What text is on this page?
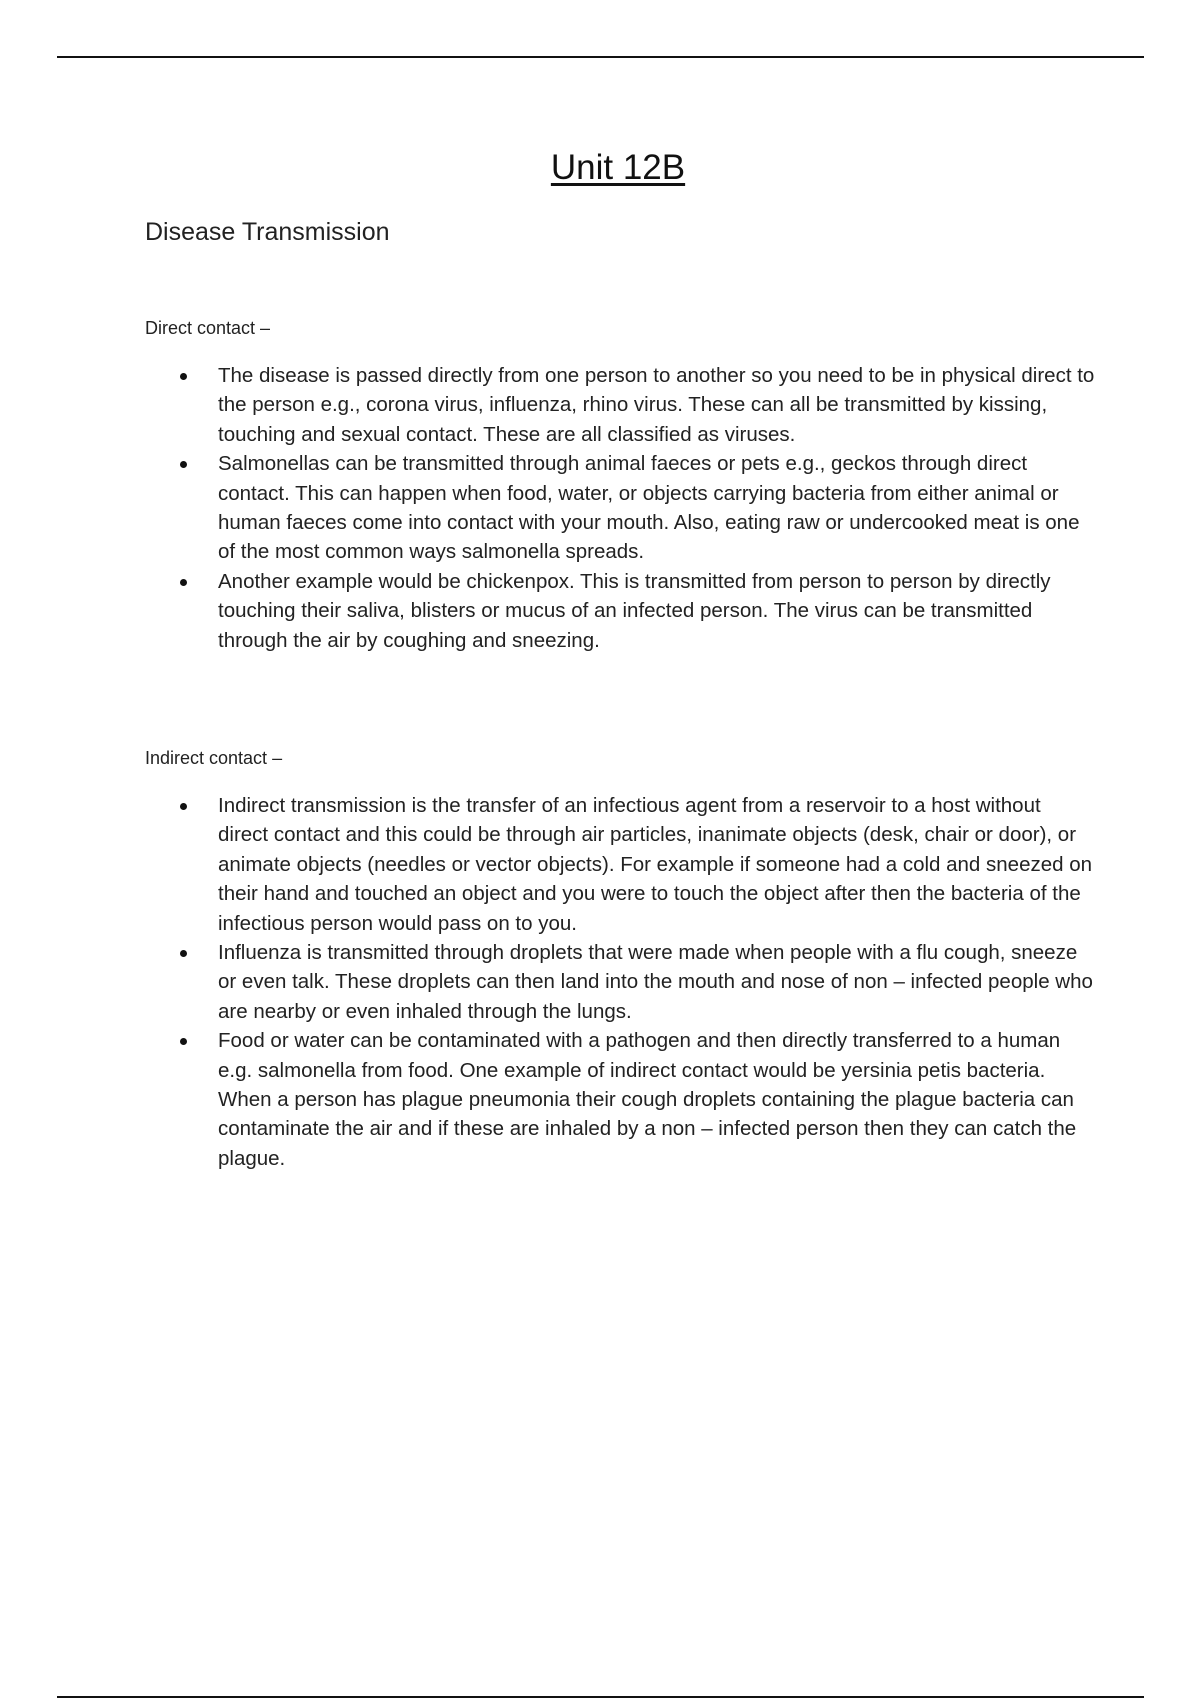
Unit 12B
Disease Transmission

Direct contact –

The disease is passed directly from one person to another so you need to be in physical direct to the person e.g., corona virus, influenza, rhino virus. These can all be transmitted by kissing, touching and sexual contact. These are all classified as viruses.
Salmonellas can be transmitted through animal faeces or pets e.g., geckos through direct contact. This can happen when food, water, or objects carrying bacteria from either animal or human faeces come into contact with your mouth. Also, eating raw or undercooked meat is one of the most common ways salmonella spreads.
Another example would be chickenpox. This is transmitted from person to person by directly touching their saliva, blisters or mucus of an infected person. The virus can be transmitted through the air by coughing and sneezing.

Indirect contact –

Indirect transmission is the transfer of an infectious agent from a reservoir to a host without direct contact and this could be through air particles, inanimate objects (desk, chair or door), or animate objects (needles or vector objects). For example if someone had a cold and sneezed on their hand and touched an object and you were to touch the object after then the bacteria of the infectious person would pass on to you.
Influenza is transmitted through droplets that were made when people with a flu cough, sneeze or even talk. These droplets can then land into the mouth and nose of non – infected people who are nearby or even inhaled through the lungs.
Food or water can be contaminated with a pathogen and then directly transferred to a human e.g. salmonella from food. One example of indirect contact would be yersinia petis bacteria. When a person has plague pneumonia their cough droplets containing the plague bacteria can contaminate the air and if these are inhaled by a non – infected person then they can catch the plague.
